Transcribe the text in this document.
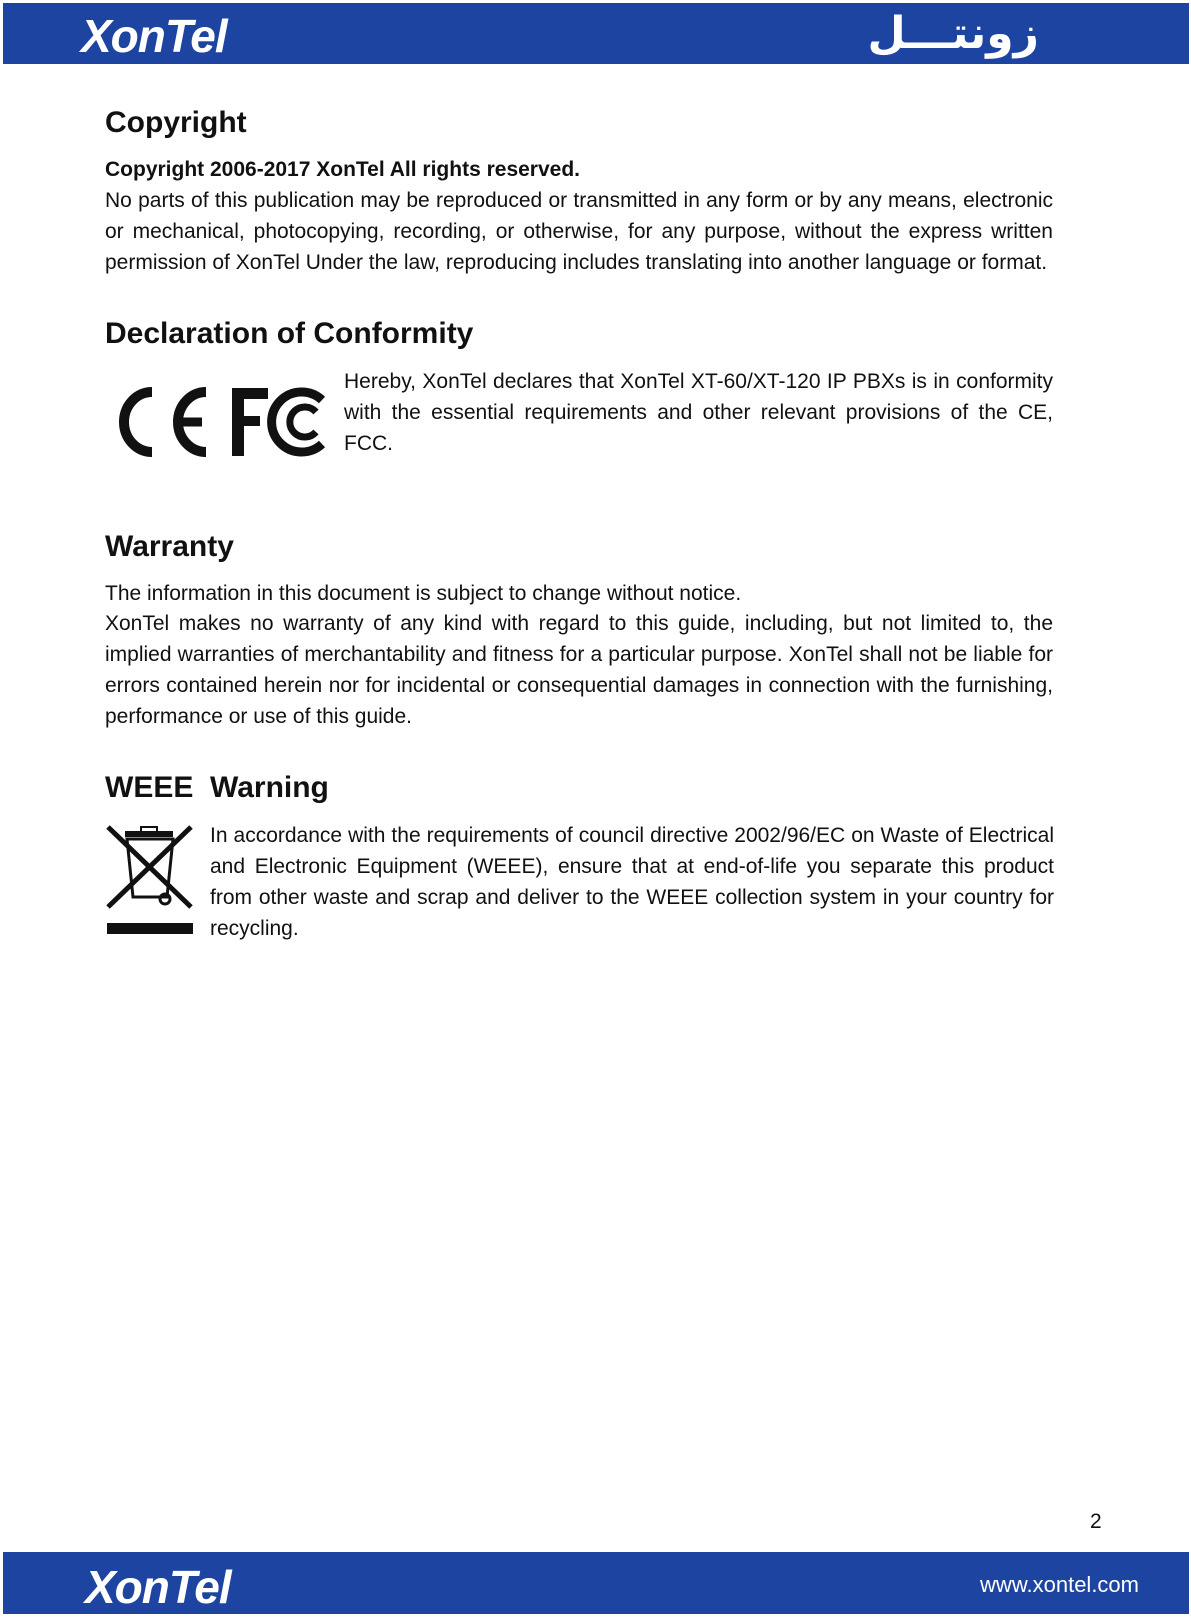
XonTel	زونتـــل
Copyright

Copyright 2006-2017 XonTel All rights reserved.

No parts of this publication may be reproduced or transmitted in any form or by any means, electronic or mechanical, photocopying, recording, or otherwise, for any purpose, without the express written permission of XonTel Under the law, reproducing includes translating into another language or format.

Declaration of Conformity

Hereby, XonTel declares that XonTel XT-60/XT-120 IP PBXs is in conformity with the essential requirements and other relevant provisions of the CE, FCC.

Warranty

The information in this document is subject to change without notice.

XonTel makes no warranty of any kind with regard to this guide, including, but not limited to, the implied warranties of merchantability and fitness for a particular purpose. XonTel shall not be liable for errors contained herein nor for incidental or consequential damages in connection with the furnishing, performance or use of this guide.

WEEE  Warning

In accordance with the requirements of council directive 2002/96/EC on Waste of Electrical and Electronic Equipment (WEEE), ensure that at end-of-life you separate this product from other waste and scrap and deliver to the WEEE collection system in your country for recycling.

2
XonTel	www.xontel.com
